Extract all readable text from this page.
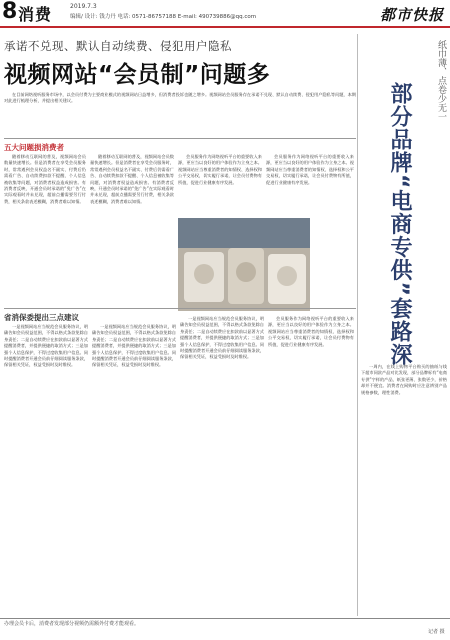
8 消费	2019.7.3
编辑/ 设计: 钱力丹 电话: 0571-86757188 E-mail: 490739886@qq.com	都市快报
承诺不兑现、默认自动续费、侵犯用户隐私
视频网站“会员制”问题多

在目前网络视听服务市场中，以会员付费为主要商业模式的视频网站日益增多，但消费者投诉也随之增多。视频网站会员服务存在承诺不兑现、默认自动续费、侵犯用户隐私等问题，本期对此进行梳理分析，并提出相关建议。

五大问题损消费者

随着移动互联网的普及，视频网站会员数量快速增长。但是消费者在享受会员服务时，常常遇到会员权益名不副实、付费后仍需看广告、自动续费扣款不提醒、个人信息被收集等问题，对消费者权益造成损害。有消费者反映，开通会员时承诺的“免广告”在实际观看时并未兑现，超前点播需要另行付费，相关条款表述模糊，消费者难以知情。

随着移动互联网的普及，视频网站会员数量快速增长。但是消费者在享受会员服务时，常常遇到会员权益名不副实、付费后仍需看广告、自动续费扣款不提醒、个人信息被收集等问题，对消费者权益造成损害。有消费者反映，开通会员时承诺的“免广告”在实际观看时并未兑现，超前点播需要另行付费，相关条款表述模糊，消费者难以知情。

会员服务作为网络视听平台的重要收入来源，更应当以良好的用户体验作为立身之本。视频网站应当尊重消费者的知情权、选择权和公平交易权，切实履行承诺，让会员付费物有所值，促进行业健康有序发展。

会员服务作为网络视听平台的重要收入来源，更应当以良好的用户体验作为立身之本。视频网站应当尊重消费者的知情权、选择权和公平交易权，切实履行承诺，让会员付费物有所值，促进行业健康有序发展。

省消保委提出三点建议

一是视频网站应当规范会员服务协议，明确告知会员权益范围，不得以格式条款免除自身责任；二是自动续费应在扣款前以显著方式提醒消费者，并提供便捷的取消方式；三是加强个人信息保护，不得过度收集用户信息。同时提醒消费者开通会员前仔细阅读服务条款，保留相关凭证，权益受损时及时维权。

一是视频网站应当规范会员服务协议，明确告知会员权益范围，不得以格式条款免除自身责任；二是自动续费应在扣款前以显著方式提醒消费者，并提供便捷的取消方式；三是加强个人信息保护，不得过度收集用户信息。同时提醒消费者开通会员前仔细阅读服务条款，保留相关凭证，权益受损时及时维权。

一是视频网站应当规范会员服务协议，明确告知会员权益范围，不得以格式条款免除自身责任；二是自动续费应在扣款前以显著方式提醒消费者，并提供便捷的取消方式；三是加强个人信息保护，不得过度收集用户信息。同时提醒消费者开通会员前仔细阅读服务条款，保留相关凭证，权益受损时及时维权。

会员服务作为网络视听平台的重要收入来源，更应当以良好的用户体验作为立身之本。视频网站应当尊重消费者的知情权、选择权和公平交易权，切实履行承诺，让会员付费物有所值，促进行业健康有序发展。

纸巾薄、点卷少无一
部分品牌“电商专供”套路深

一周内，在线上购物平台购买的抽纸与线下超市同款产品对比发现，部分品牌标有“电商专供”字样的产品，纸张更薄、张数更少，价格却并不便宜。消费者在网购时应注意辨别产品规格参数，理性消费。

办理会员卡后，消费者发现部分视频仍需额外付费才能观看。
记者 摄
